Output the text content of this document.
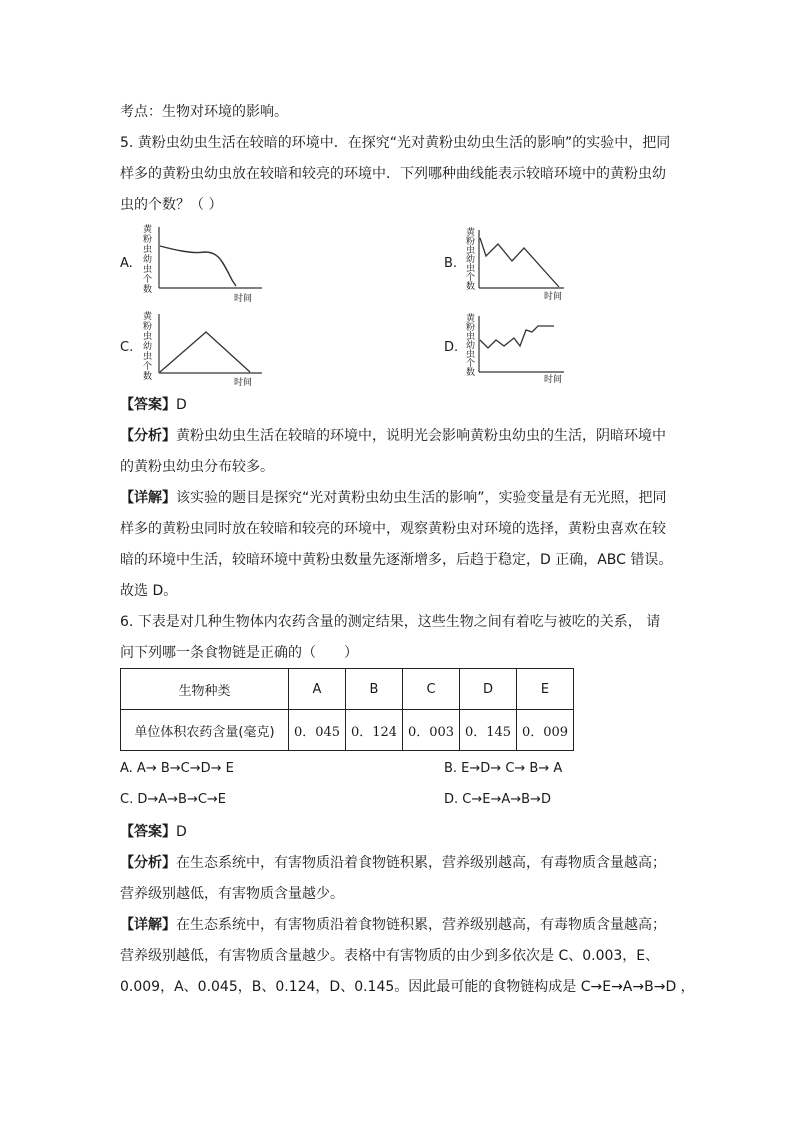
考点：生物对环境的影响。
5. 黄粉虫幼虫生活在较暗的环境中．在探究“光对黄粉虫幼虫生活的影响”的实验中，把同
样多的黄粉虫幼虫放在较暗和较亮的环境中．下列哪种曲线能表示较暗环境中的黄粉虫幼
虫的个数？（ ）
A.
黄
粉
虫
幼
虫
个
数
时间
B.
黄
粉
虫
幼
虫
个
数
时间
C.
黄
粉
虫
幼
虫
个
数
时间
D.
黄
粉
虫
幼
虫
个
数
时间
【答案】D
【分析】黄粉虫幼虫生活在较暗的环境中，说明光会影响黄粉虫幼虫的生活，阴暗环境中
的黄粉虫幼虫分布较多。
【详解】该实验的题目是探究“光对黄粉虫幼虫生活的影响”，实验变量是有无光照，把同
样多的黄粉虫同时放在较暗和较亮的环境中，观察黄粉虫对环境的选择，黄粉虫喜欢在较
暗的环境中生活，较暗环境中黄粉虫数量先逐渐增多，后趋于稳定，D 正确，ABC 错误。
故选 D。
6. 下表是对几种生物体内农药含量的测定结果，这些生物之间有着吃与被吃的关系， 请
问下列哪一条食物链是正确的（　　）
生物种类	A	B	C	D	E
单位体积农药含量(毫克)	0．045	0．124	0．003	0．145	0．009
A. A→ B→C→D→ E	B. E→D→ C→ B→ A
C. D→A→B→C→E	D. C→E→A→B→D
【答案】D
【分析】在生态系统中，有害物质沿着食物链积累，营养级别越高，有毒物质含量越高；
营养级别越低，有害物质含量越少。
【详解】在生态系统中，有害物质沿着食物链积累，营养级别越高，有毒物质含量越高；
营养级别越低，有害物质含量越少。表格中有害物质的由少到多依次是 C、0.003，E、
0.009，A、0.045，B、0.124，D、0.145。因此最可能的食物链构成是 C→E→A→B→D ，
